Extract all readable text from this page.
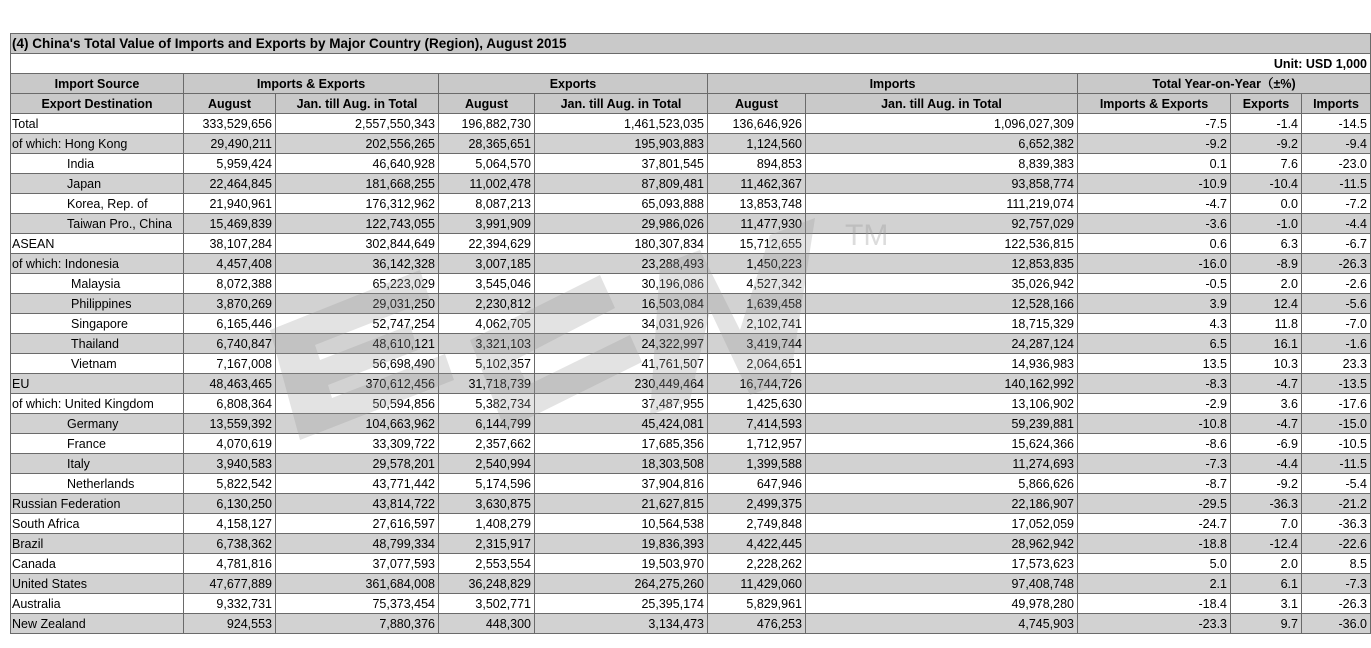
(4) China's Total Value of Imports and Exports by Major Country (Region), August 2015									
Unit: USD 1,000									
Import Source	Imports & Exports		Exports		Imports		Total Year-on-Year（±%)		
Export Destination	August	Jan. till Aug. in Total	August	Jan. till Aug. in Total	August	Jan. till Aug. in Total	Imports & Exports	Exports	Imports
Total	333,529,656	2,557,550,343	196,882,730	1,461,523,035	136,646,926	1,096,027,309	-7.5	-1.4	-14.5
of which: Hong Kong	29,490,211	202,556,265	28,365,651	195,903,883	1,124,560	6,652,382	-9.2	-9.2	-9.4
India	5,959,424	46,640,928	5,064,570	37,801,545	894,853	8,839,383	0.1	7.6	-23.0
Japan	22,464,845	181,668,255	11,002,478	87,809,481	11,462,367	93,858,774	-10.9	-10.4	-11.5
Korea, Rep. of	21,940,961	176,312,962	8,087,213	65,093,888	13,853,748	111,219,074	-4.7	0.0	-7.2
Taiwan Pro., China	15,469,839	122,743,055	3,991,909	29,986,026	11,477,930	92,757,029	-3.6	-1.0	-4.4
ASEAN	38,107,284	302,844,649	22,394,629	180,307,834	15,712,655	122,536,815	0.6	6.3	-6.7
of which: Indonesia	4,457,408	36,142,328	3,007,185	23,288,493	1,450,223	12,853,835	-16.0	-8.9	-26.3
Malaysia	8,072,388	65,223,029	3,545,046	30,196,086	4,527,342	35,026,942	-0.5	2.0	-2.6
Philippines	3,870,269	29,031,250	2,230,812	16,503,084	1,639,458	12,528,166	3.9	12.4	-5.6
Singapore	6,165,446	52,747,254	4,062,705	34,031,926	2,102,741	18,715,329	4.3	11.8	-7.0
Thailand	6,740,847	48,610,121	3,321,103	24,322,997	3,419,744	24,287,124	6.5	16.1	-1.6
Vietnam	7,167,008	56,698,490	5,102,357	41,761,507	2,064,651	14,936,983	13.5	10.3	23.3
EU	48,463,465	370,612,456	31,718,739	230,449,464	16,744,726	140,162,992	-8.3	-4.7	-13.5
of which: United Kingdom	6,808,364	50,594,856	5,382,734	37,487,955	1,425,630	13,106,902	-2.9	3.6	-17.6
Germany	13,559,392	104,663,962	6,144,799	45,424,081	7,414,593	59,239,881	-10.8	-4.7	-15.0
France	4,070,619	33,309,722	2,357,662	17,685,356	1,712,957	15,624,366	-8.6	-6.9	-10.5
Italy	3,940,583	29,578,201	2,540,994	18,303,508	1,399,588	11,274,693	-7.3	-4.4	-11.5
Netherlands	5,822,542	43,771,442	5,174,596	37,904,816	647,946	5,866,626	-8.7	-9.2	-5.4
Russian Federation	6,130,250	43,814,722	3,630,875	21,627,815	2,499,375	22,186,907	-29.5	-36.3	-21.2
South Africa	4,158,127	27,616,597	1,408,279	10,564,538	2,749,848	17,052,059	-24.7	7.0	-36.3
Brazil	6,738,362	48,799,334	2,315,917	19,836,393	4,422,445	28,962,942	-18.8	-12.4	-22.6
Canada	4,781,816	37,077,593	2,553,554	19,503,970	2,228,262	17,573,623	5.0	2.0	8.5
United States	47,677,889	361,684,008	36,248,829	264,275,260	11,429,060	97,408,748	2.1	6.1	-7.3
Australia	9,332,731	75,373,454	3,502,771	25,395,174	5,829,961	49,978,280	-18.4	3.1	-26.3
New Zealand	924,553	7,880,376	448,300	3,134,473	476,253	4,745,903	-23.3	9.7	-36.0
TM
